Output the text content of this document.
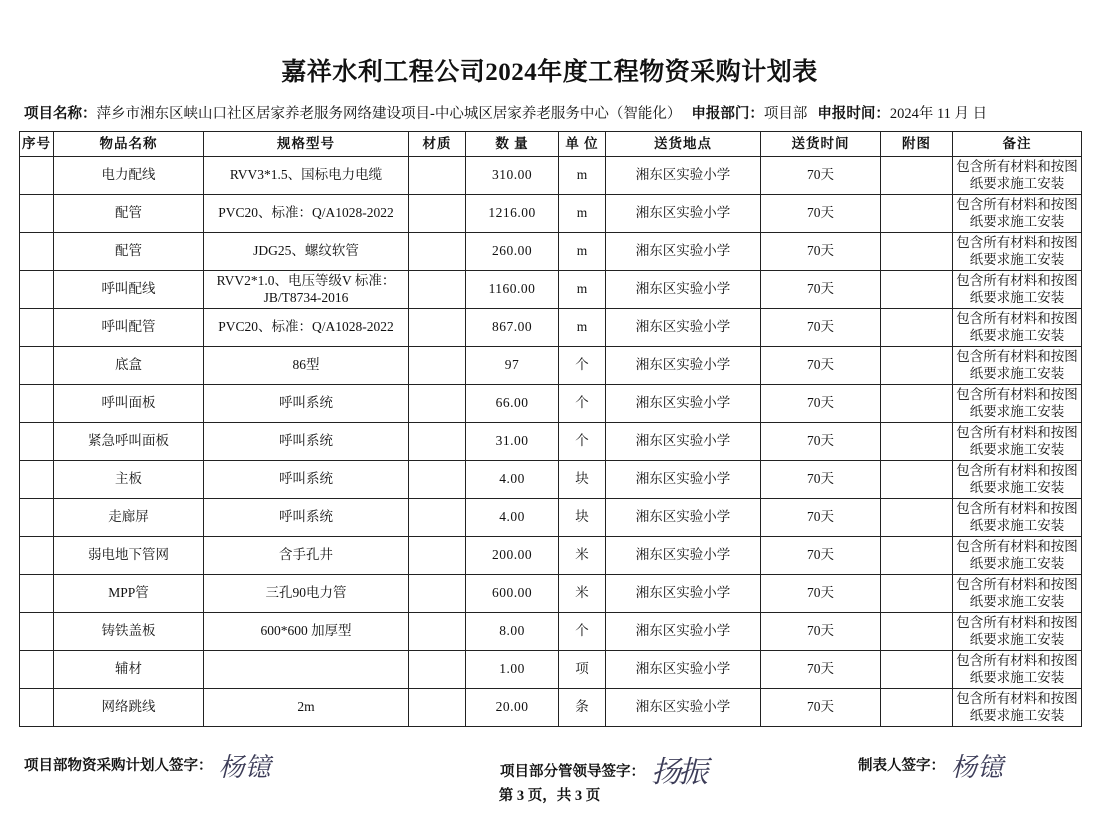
嘉祥水利工程公司2024年度工程物资采购计划表
项目名称：萍乡市湘东区峡山口社区居家养老服务网络建设项目-中心城区居家养老服务中心（智能化） 申报部门：项目部 申报时间：2024年 11 月 日
序号	物品名称	规格型号	材质	数 量	单 位	送货地点	送货时间	附图	备注
	电力配线	RVV3*1.5、国标电力电缆		310.00	m	湘东区实验小学	70天		包含所有材料和按图纸要求施工安装
	配管	PVC20、标准：Q/A1028-2022		1216.00	m	湘东区实验小学	70天		包含所有材料和按图纸要求施工安装
	配管	JDG25、螺纹软管		260.00	m	湘东区实验小学	70天		包含所有材料和按图纸要求施工安装
	呼叫配线	RVV2*1.0、电压等级V 标准：JB/T8734-2016		1160.00	m	湘东区实验小学	70天		包含所有材料和按图纸要求施工安装
	呼叫配管	PVC20、标准：Q/A1028-2022		867.00	m	湘东区实验小学	70天		包含所有材料和按图纸要求施工安装
	底盒	86型		97	个	湘东区实验小学	70天		包含所有材料和按图纸要求施工安装
	呼叫面板	呼叫系统		66.00	个	湘东区实验小学	70天		包含所有材料和按图纸要求施工安装
	紧急呼叫面板	呼叫系统		31.00	个	湘东区实验小学	70天		包含所有材料和按图纸要求施工安装
	主板	呼叫系统		4.00	块	湘东区实验小学	70天		包含所有材料和按图纸要求施工安装
	走廊屏	呼叫系统		4.00	块	湘东区实验小学	70天		包含所有材料和按图纸要求施工安装
	弱电地下管网	含手孔井		200.00	米	湘东区实验小学	70天		包含所有材料和按图纸要求施工安装
	MPP管	三孔90电力管		600.00	米	湘东区实验小学	70天		包含所有材料和按图纸要求施工安装
	铸铁盖板	600*600 加厚型		8.00	个	湘东区实验小学	70天		包含所有材料和按图纸要求施工安装
	辅材			1.00	项	湘东区实验小学	70天		包含所有材料和按图纸要求施工安装
	网络跳线	2m		20.00	条	湘东区实验小学	70天		包含所有材料和按图纸要求施工安装
项目部物资采购计划人签字： 杨镱	项目部分管领导签字： 扬振	制表人签字： 杨镱
第 3 页，共 3 页
